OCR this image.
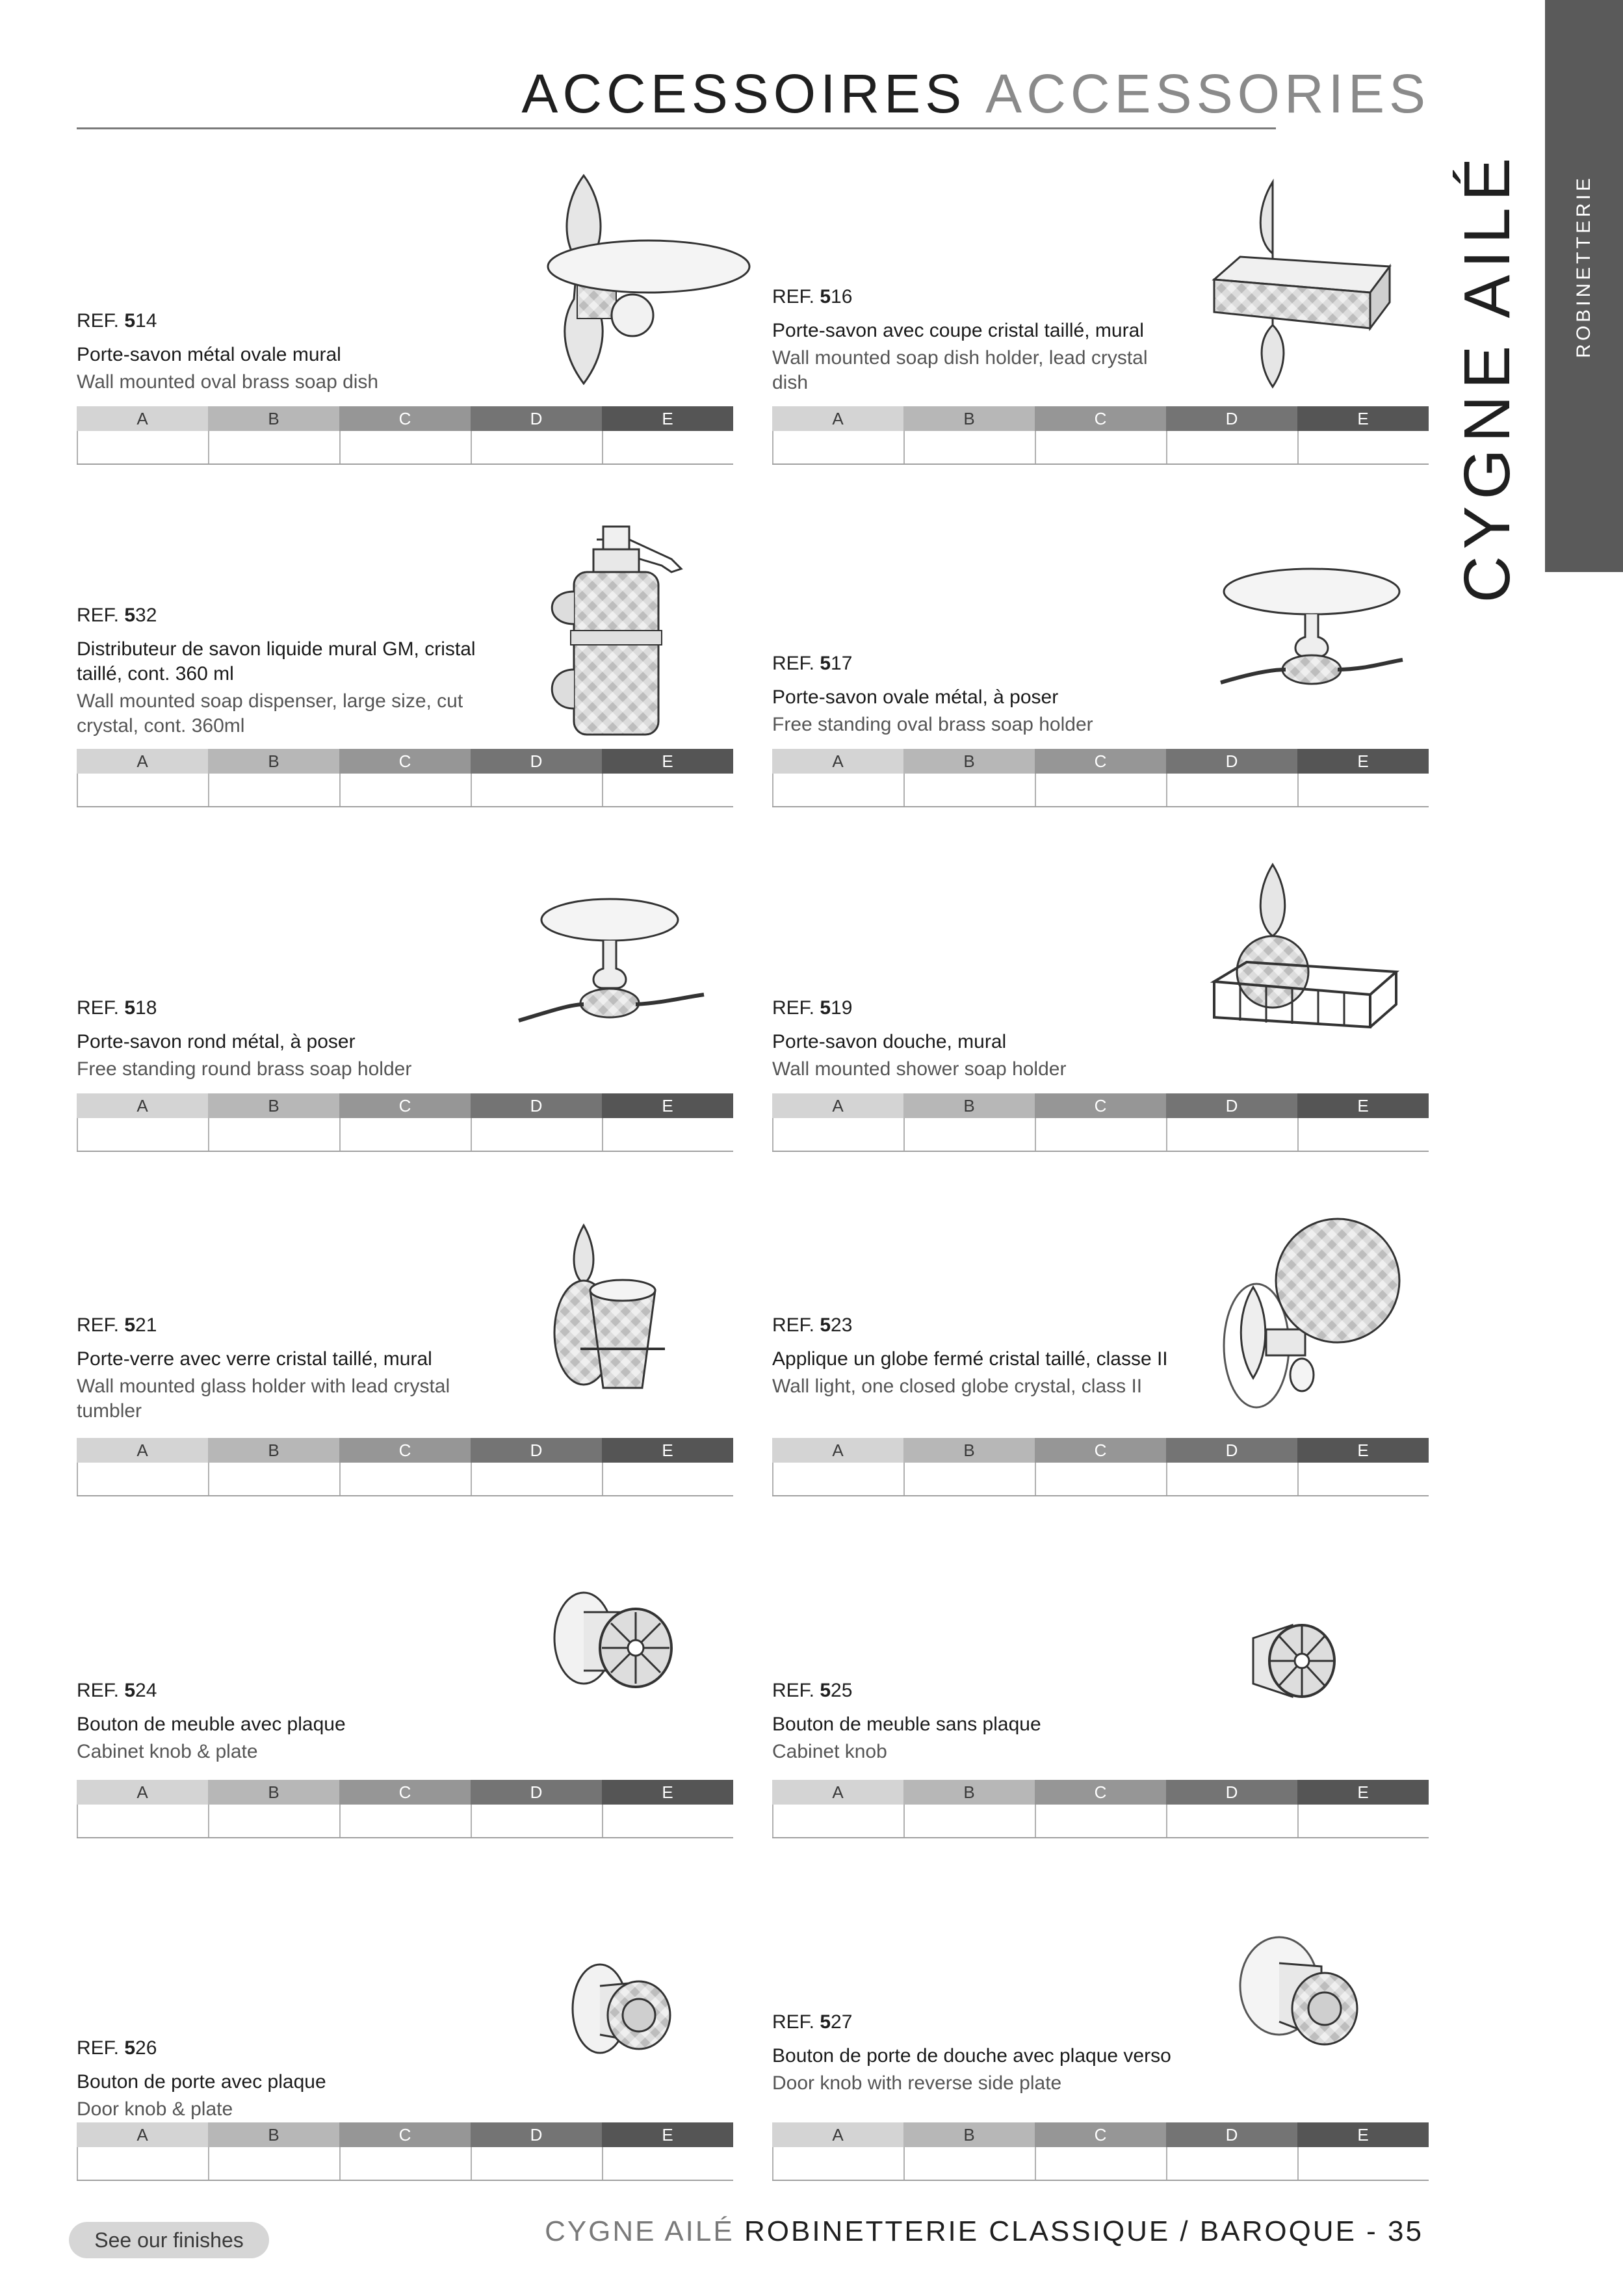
ACCESSOIRES ACCESSORIES
ROBINETTERIE
CYGNE AILÉ
REF. 514
Porte-savon métal ovale mural
Wall mounted oval brass soap dish
A	B	C	D	E
REF. 516
Porte-savon avec coupe cristal taillé, mural
Wall mounted soap dish holder, lead crystal dish
A	B	C	D	E
REF. 532
Distributeur de savon liquide mural GM, cristal taillé, cont. 360 ml
Wall mounted soap dispenser, large size, cut crystal, cont. 360ml
A	B	C	D	E
REF. 517
Porte-savon ovale métal, à poser
Free standing oval brass soap holder
A	B	C	D	E
REF. 518
Porte-savon rond métal, à poser
Free standing round brass soap holder
A	B	C	D	E
REF. 519
Porte-savon douche, mural
Wall mounted shower soap holder
A	B	C	D	E
REF. 521
Porte-verre avec verre cristal taillé, mural
Wall mounted glass holder with lead crystal tumbler
A	B	C	D	E
REF. 523
Applique un globe fermé cristal taillé, classe II
Wall light, one closed globe crystal, class II
A	B	C	D	E
REF. 524
Bouton de meuble avec plaque
Cabinet knob & plate
A	B	C	D	E
REF. 525
Bouton de meuble sans plaque
Cabinet knob
A	B	C	D	E
REF. 526
Bouton de porte avec plaque
Door knob & plate
A	B	C	D	E
REF. 527
Bouton de porte de douche avec plaque verso
Door knob with reverse side plate
A	B	C	D	E
See our finishes	CYGNE AILÉ ROBINETTERIE CLASSIQUE / BAROQUE - 35
